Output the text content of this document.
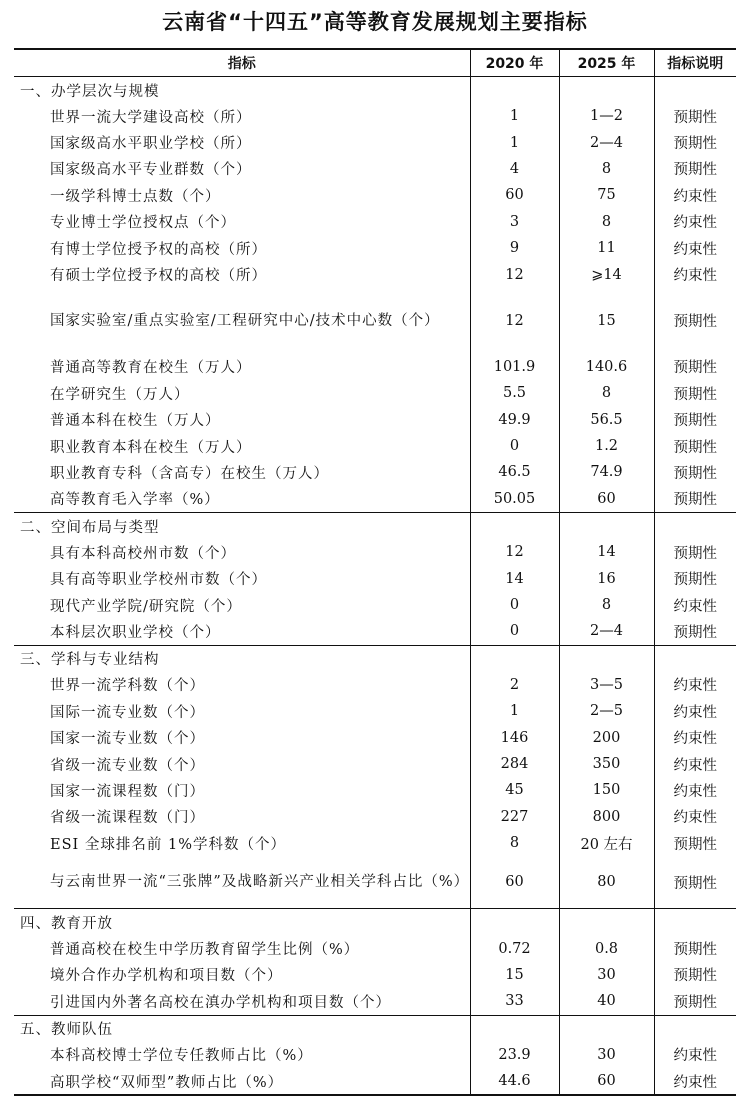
云南省“十四五”高等教育发展规划主要指标
指标	2020 年	2025 年	指标说明
一、办学层次与规模			
世界一流大学建设高校（所）	1	1—2	预期性
国家级高水平职业学校（所）	1	2—4	预期性
国家级高水平专业群数（个）	4	8	预期性
一级学科博士点数（个）	60	75	约束性
专业博士学位授权点（个）	3	8	约束性
有博士学位授予权的高校（所）	9	11	约束性
有硕士学位授予权的高校（所）	12	⩾14	约束性
国家实验室/重点实验室/工程研究中心/技术中心数（个）	12	15	预期性
普通高等教育在校生（万人）	101.9	140.6	预期性
在学研究生（万人）	5.5	8	预期性
普通本科在校生（万人）	49.9	56.5	预期性
职业教育本科在校生（万人）	0	1.2	预期性
职业教育专科（含高专）在校生（万人）	46.5	74.9	预期性
高等教育毛入学率（%）	50.05	60	预期性
二、空间布局与类型			
具有本科高校州市数（个）	12	14	预期性
具有高等职业学校州市数（个）	14	16	预期性
现代产业学院/研究院（个）	0	8	约束性
本科层次职业学校（个）	0	2—4	预期性
三、学科与专业结构			
世界一流学科数（个）	2	3—5	约束性
国际一流专业数（个）	1	2—5	约束性
国家一流专业数（个）	146	200	约束性
省级一流专业数（个）	284	350	约束性
国家一流课程数（门）	45	150	约束性
省级一流课程数（门）	227	800	约束性
ESI 全球排名前 1%学科数（个）	8	20 左右	预期性
与云南世界一流“三张牌”及战略新兴产业相关学科占比（%）	60	80	预期性
四、教育开放			
普通高校在校生中学历教育留学生比例（%）	0.72	0.8	预期性
境外合作办学机构和项目数（个）	15	30	预期性
引进国内外著名高校在滇办学机构和项目数（个）	33	40	预期性
五、教师队伍			
本科高校博士学位专任教师占比（%）	23.9	30	约束性
高职学校“双师型”教师占比（%）	44.6	60	约束性
